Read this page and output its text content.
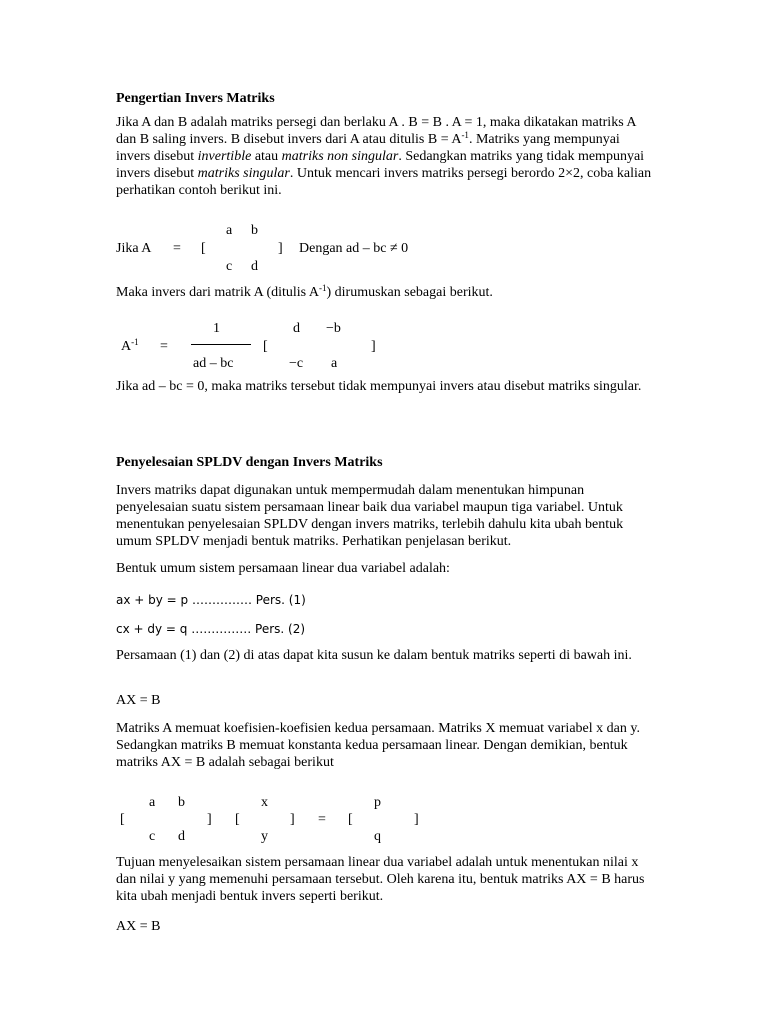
Pengertian Invers Matriks

Jika A dan B adalah matriks persegi dan berlaku A . B = B . A = 1, maka dikatakan matriks A dan B saling invers. B disebut invers dari A atau ditulis $B = A^{-1}$. Matriks yang mempunyai invers disebut invertible atau matriks non singular. Sedangkan matriks yang tidak mempunyai invers disebut matriks singular. Untuk mencari invers matriks persegi berordo 2×2, coba kalian perhatikan contoh berikut ini.

a b
Jika A = [	] Dengan ad – bc ≠ 0
c d

Maka invers dari matrik A (ditulis $A^{-1}$) dirumuskan sebagai berikut.

1	d −b
$A^{-1}$ =	[	]
ad – bc	−c a

Jika ad – bc = 0, maka matriks tersebut tidak mempunyai invers atau disebut matriks singular.

Penyelesaian SPLDV dengan Invers Matriks

Invers matriks dapat digunakan untuk mempermudah dalam menentukan himpunan penyelesaian suatu sistem persamaan linear baik dua variabel maupun tiga variabel. Untuk menentukan penyelesaian SPLDV dengan invers matriks, terlebih dahulu kita ubah bentuk umum SPLDV menjadi bentuk matriks. Perhatikan penjelasan berikut.

Bentuk umum sistem persamaan linear dua variabel adalah:

ax + by = p …………… Pers. (1)
cx + dy = q …………… Pers. (2)

Persamaan (1) dan (2) di atas dapat kita susun ke dalam bentuk matriks seperti di bawah ini.

AX = B

Matriks A memuat koefisien-koefisien kedua persamaan. Matriks X memuat variabel x dan y. Sedangkan matriks B memuat konstanta kedua persamaan linear. Dengan demikian, bentuk matriks AX = B adalah sebagai berikut

a b	x	p
[	] [	] = [	]
c d	y	q

Tujuan menyelesaikan sistem persamaan linear dua variabel adalah untuk menentukan nilai x dan nilai y yang memenuhi persamaan tersebut. Oleh karena itu, bentuk matriks AX = B harus kita ubah menjadi bentuk invers seperti berikut.

AX = B
